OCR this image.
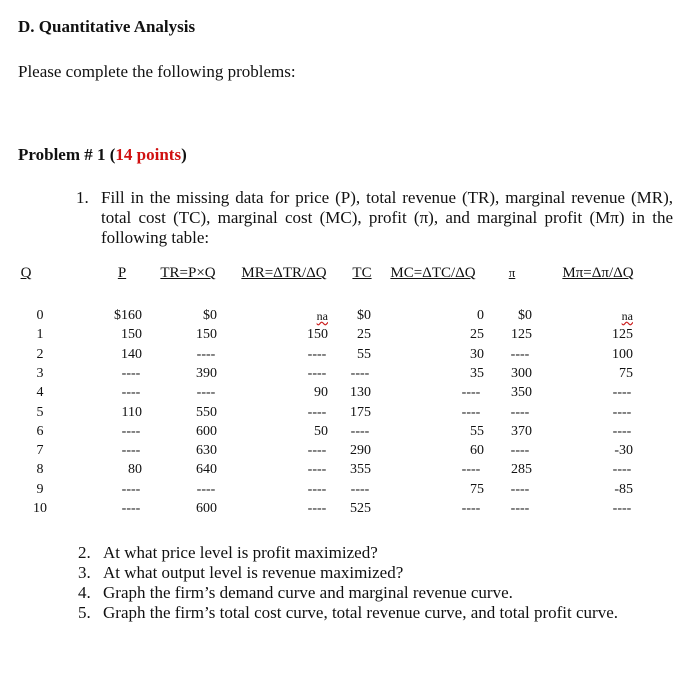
D. Quantitative Analysis
Please complete the following problems:
Problem # 1 (14 points)
1. Fill in the missing data for price (P), total revenue (TR), marginal revenue (MR), total cost (TC), marginal cost (MC), profit (π), and marginal profit (Mπ) in the following table:
Q	P TR=P×Q MR=ΔTR/ΔQ TC MC=ΔTC/ΔQ	π	Mπ=Δπ/ΔQ
0	$160	$0	na $0	0 $0	na
1	150	150	150 25	25 125	125
2	140	----	---- 55	30 ----	100
3	----	390	---- ----	35 300	75
4	----	----	90 130	---- 350	----
5	110	550	---- 175	---- ----	----
6	----	600	50 ----	55 370	----
7	----	630	---- 290	60 ----	-30
8	80	640	---- 355	---- 285	----
9	----	----	---- ----	75 ----	-85
10	----	600	---- 525	---- ----	----
2. At what price level is profit maximized?
3. At what output level is revenue maximized?
4. Graph the firm’s demand curve and marginal revenue curve.
5. Graph the firm’s total cost curve, total revenue curve, and total profit curve.
